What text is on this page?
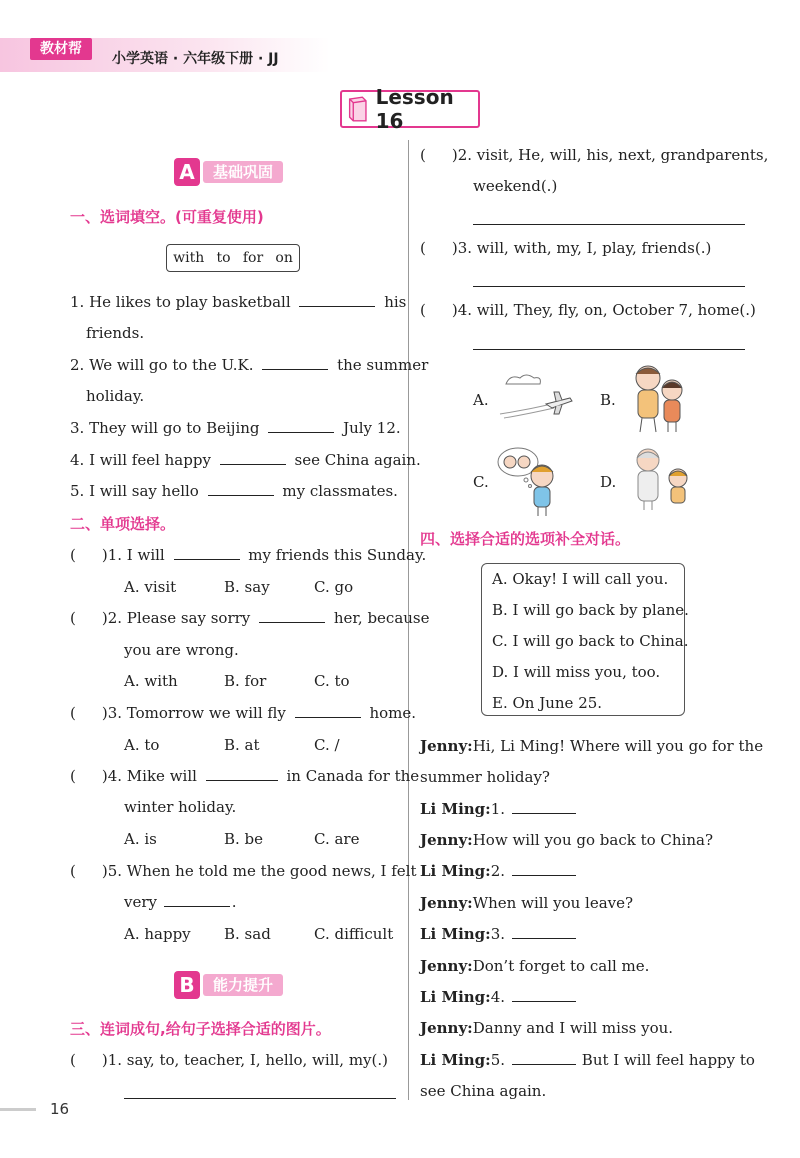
教材帮
小学英语 · 六年级下册 · JJ
Lesson 16
A	基础巩固
一、选词填空。(可重复使用)
with to for on
1. He likes to play basketball	his
friends.
2. We will go to the U.K.	the summer
holiday.
3. They will go to Beijing	July 12.
4. I will feel happy	see China again.
5. I will say hello	my classmates.
二、单项选择。
( )1. I will	my friends this Sunday.
A. visit	B. say	C. go
( )2. Please say sorry	her, because
you are wrong.
A. with	B. for	C. to
( )3. Tomorrow we will fly	home.
A. to	B. at	C. /
( )4. Mike will	in Canada for the
winter holiday.
A. is	B. be	C. are
( )5. When he told me the good news, I felt
very	.
A. happy B. sad	C. difficult
B	能力提升
三、连词成句,给句子选择合适的图片。
( )1. say, to, teacher, I, hello, will, my(.)
( )2. visit, He, will, his, next, grandparents,
weekend(.)
( )3. will, with, my, I, play, friends(.)
( )4. will, They, fly, on, October 7, home(.)
A.	B.
C.	D.
四、选择合适的选项补全对话。
A. Okay! I will call you.
B. I will go back by plane.
C. I will go back to China.
D. I will miss you, too.
E. On June 25.
Jenny:Hi, Li Ming! Where will you go for the
summer holiday?
Li Ming:1.
Jenny:How will you go back to China?
Li Ming:2.
Jenny:When will you leave?
Li Ming:3.
Jenny:Don’t forget to call me.
Li Ming:4.
Jenny:Danny and I will miss you.
Li Ming:5.	But I will feel happy to
see China again.
16
